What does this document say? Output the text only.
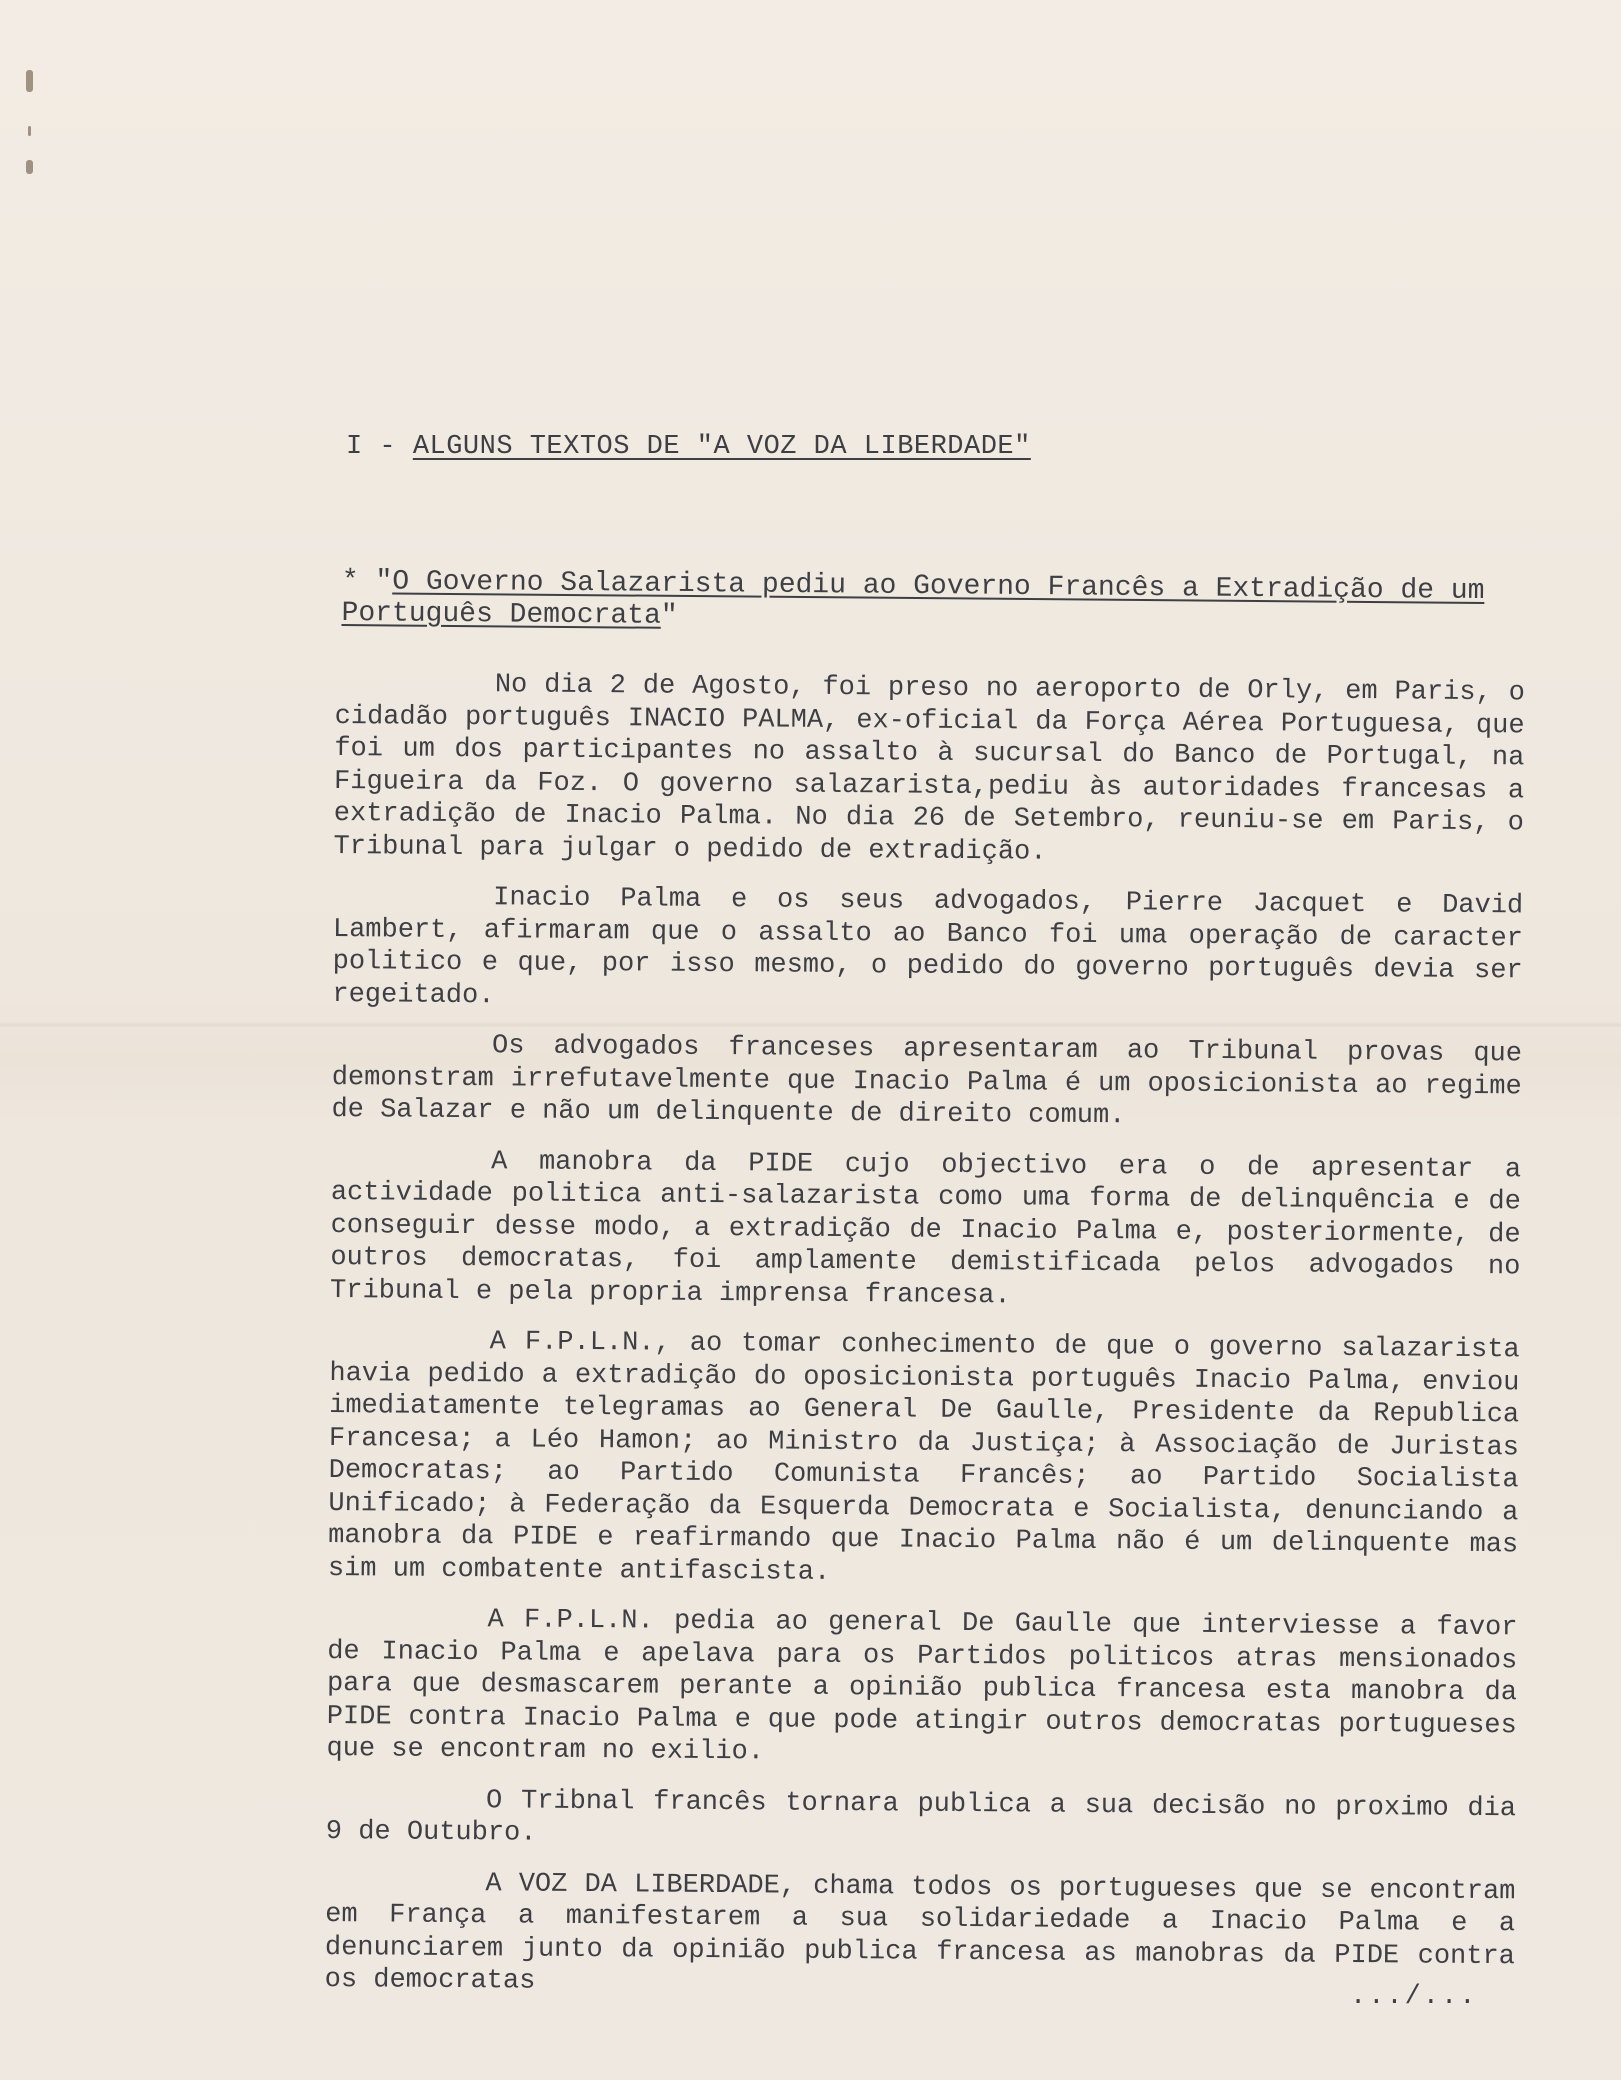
I - ALGUNS TEXTOS DE "A VOZ DA LIBERDADE"
* "O Governo Salazarista pediu ao Governo Francês a Extradição de um Português Democrata"

No dia 2 de Agosto, foi preso no aeroporto de Orly, em Paris, o cidadão português INACIO PALMA, ex-oficial da Força Aérea Portuguesa, que foi um dos participantes no assalto à sucursal do Banco de Portugal, na Figueira da Foz. O governo salazarista,pediu às autoridades francesas a extradição de Inacio Palma. No dia 26 de Setembro, reuniu-se em Paris, o Tribunal para julgar o pedido de extradição.

Inacio Palma e os seus advogados, Pierre Jacquet e David Lambert, afirmaram que o assalto ao Banco foi uma operação de caracter politico e que, por isso mesmo, o pedido do governo português devia ser regeitado.

Os advogados franceses apresentaram ao Tribunal provas que demonstram irrefutavelmente que Inacio Palma é um oposicionista ao regime de Salazar e não um delinquente de direito comum.

A manobra da PIDE cujo objectivo era o de apresentar a actividade politica anti-salazarista como uma forma de delinquência e de conseguir desse modo, a extradição de Inacio Palma e, posteriormente, de outros democratas, foi amplamente demistificada pelos advogados no Tribunal e pela propria imprensa francesa.

A F.P.L.N., ao tomar conhecimento de que o governo salazarista havia pedido a extradição do oposicionista português Inacio Palma, enviou imediatamente telegramas ao General De Gaulle, Presidente da Republica Francesa; a Léo Hamon; ao Ministro da Justiça; à Associação de Juristas Democratas; ao Partido Comunista Francês; ao Partido Socialista Unificado; à Federação da Esquerda Democrata e Socialista, denunciando a manobra da PIDE e reafirmando que Inacio Palma não é um delinquente mas sim um combatente antifascista.

A F.P.L.N. pedia ao general De Gaulle que interviesse a favor de Inacio Palma e apelava para os Partidos politicos atras mensionados para que desmascarem perante a opinião publica francesa esta manobra da PIDE contra Inacio Palma e que pode atingir outros democratas portugueses que se encontram no exilio.

O Tribnal francês tornara publica a sua decisão no proximo dia 9 de Outubro.

A VOZ DA LIBERDADE, chama todos os portugueses que se encontram em França a manifestarem a sua solidariedade a Inacio Palma e a denunciarem junto da opinião publica francesa as manobras da PIDE contra os democratas

.../...
